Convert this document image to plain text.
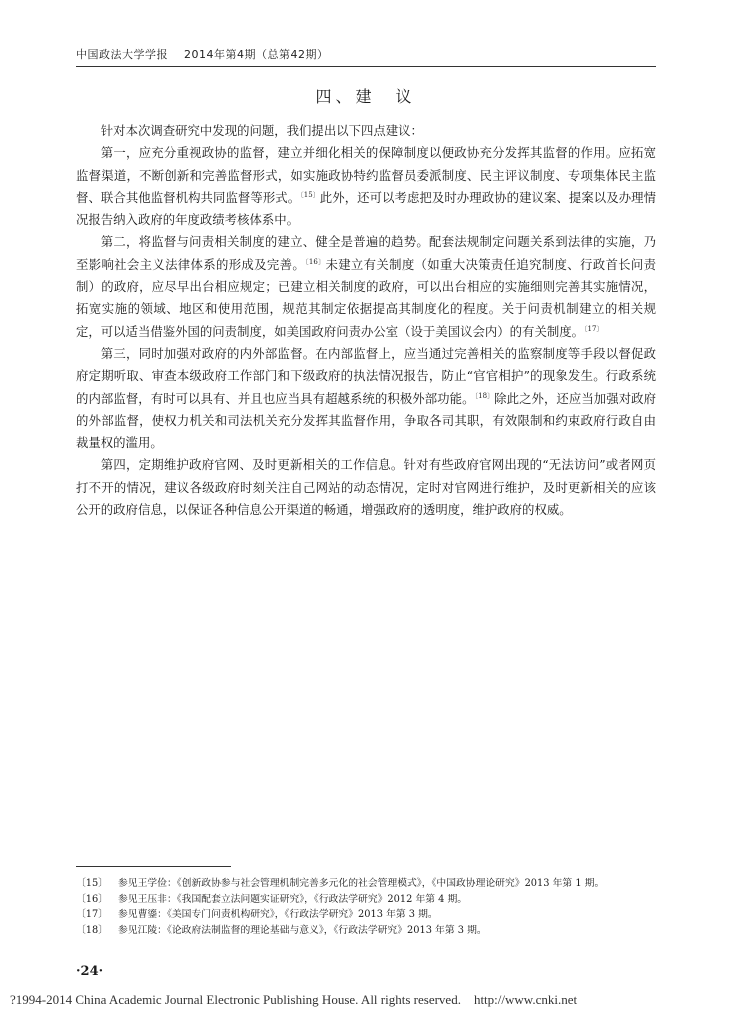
中国政法大学学报 2014年第4期（总第42期）
四、建　议

针对本次调查研究中发现的问题，我们提出以下四点建议：

第一，应充分重视政协的监督，建立并细化相关的保障制度以便政协充分发挥其监督的作用。应拓宽监督渠道，不断创新和完善监督形式，如实施政协特约监督员委派制度、民主评议制度、专项集体民主监督、联合其他监督机构共同监督等形式。$^{〔15〕}$此外，还可以考虑把及时办理政协的建议案、提案以及办理情况报告纳入政府的年度政绩考核体系中。

第二，将监督与问责相关制度的建立、健全是普遍的趋势。配套法规制定问题关系到法律的实施，乃至影响社会主义法律体系的形成及完善。$^{〔16〕}$未建立有关制度（如重大决策责任追究制度、行政首长问责制）的政府，应尽早出台相应规定；已建立相关制度的政府，可以出台相应的实施细则完善其实施情况，拓宽实施的领域、地区和使用范围，规范其制定依据提高其制度化的程度。关于问责机制建立的相关规定，可以适当借鉴外国的问责制度，如美国政府问责办公室（设于美国议会内）的有关制度。$^{〔17〕}$

第三，同时加强对政府的内外部监督。在内部监督上，应当通过完善相关的监察制度等手段以督促政府定期听取、审查本级政府工作部门和下级政府的执法情况报告，防止“官官相护”的现象发生。行政系统的内部监督，有时可以具有、并且也应当具有超越系统的积极外部功能。$^{〔18〕}$除此之外，还应当加强对政府的外部监督，使权力机关和司法机关充分发挥其监督作用，争取各司其职，有效限制和约束政府行政自由裁量权的滥用。

第四，定期维护政府官网、及时更新相关的工作信息。针对有些政府官网出现的“无法访问”或者网页打不开的情况，建议各级政府时刻关注自己网站的动态情况，定时对官网进行维护，及时更新相关的应该公开的政府信息，以保证各种信息公开渠道的畅通，增强政府的透明度，维护政府的权威。

〔15〕 参见王学俭：《创新政协参与社会管理机制完善多元化的社会管理模式》，《中国政协理论研究》2013 年第 1 期。
〔16〕 参见王压非：《我国配套立法问题实证研究》，《行政法学研究》2012 年第 4 期。
〔17〕 参见曹鎏：《美国专门问责机构研究》，《行政法学研究》2013 年第 3 期。
〔18〕 参见江陵：《论政府法制监督的理论基础与意义》，《行政法学研究》2013 年第 3 期。
·24·
?1994-2014 China Academic Journal Electronic Publishing House. All rights reserved.　http://www.cnki.net
